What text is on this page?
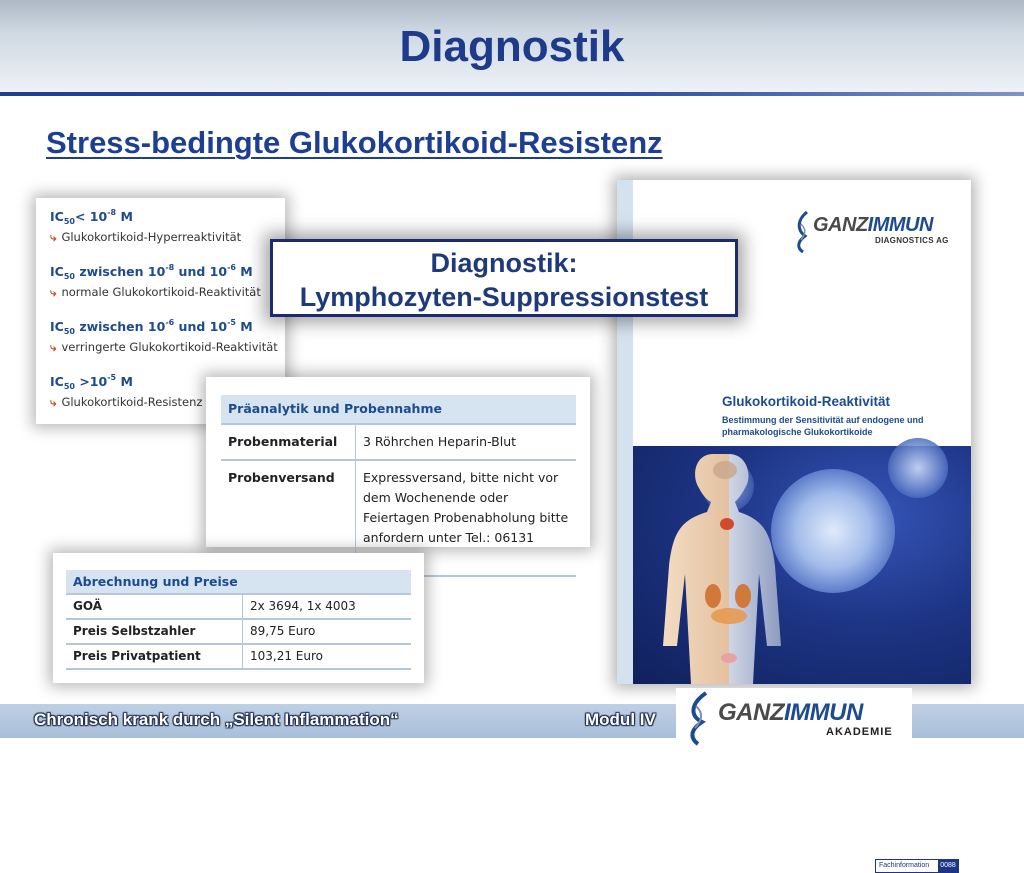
Diagnostik
Stress-bedingte Glukokortikoid-Resistenz
$IC_{50}< 10^{-8}$ M
⤷ Glukokortikoid-Hyperreaktivität
$IC_{50}$ zwischen $10^{-8}$ und $10^{-6}$ M
⤷ normale Glukokortikoid-Reaktivität
$IC_{50}$ zwischen $10^{-6}$ und $10^{-5}$ M
⤷ verringerte Glukokortikoid-Reaktivität
$IC_{50} >10^{-5}$ M
⤷ Glukokortikoid-Resistenz
GANZIMMUN
DIAGNOSTICS AG
Glukokortikoid-Reaktivität
Bestimmung der Sensitivität auf endogene und pharmakologische Glukokortikoide
Fachinformation	0088
Diagnostik:
Lymphozyten-Suppressionstest
Präanalytik und Probennahme	
Probenmaterial	3 Röhrchen Heparin-Blut
Probenversand	Expressversand, bitte nicht vor dem Wochenende oder Feiertagen Probenabholung bitte anfordern unter Tel.: 06131
Abrechnung und Preise	
GOÄ	2x 3694, 1x 4003
Preis Selbstzahler	89,75 Euro
Preis Privatpatient	103,21 Euro
Chronisch krank durch „Silent Inflammation“	Modul IV	GANZIMMUN
AKADEMIE
